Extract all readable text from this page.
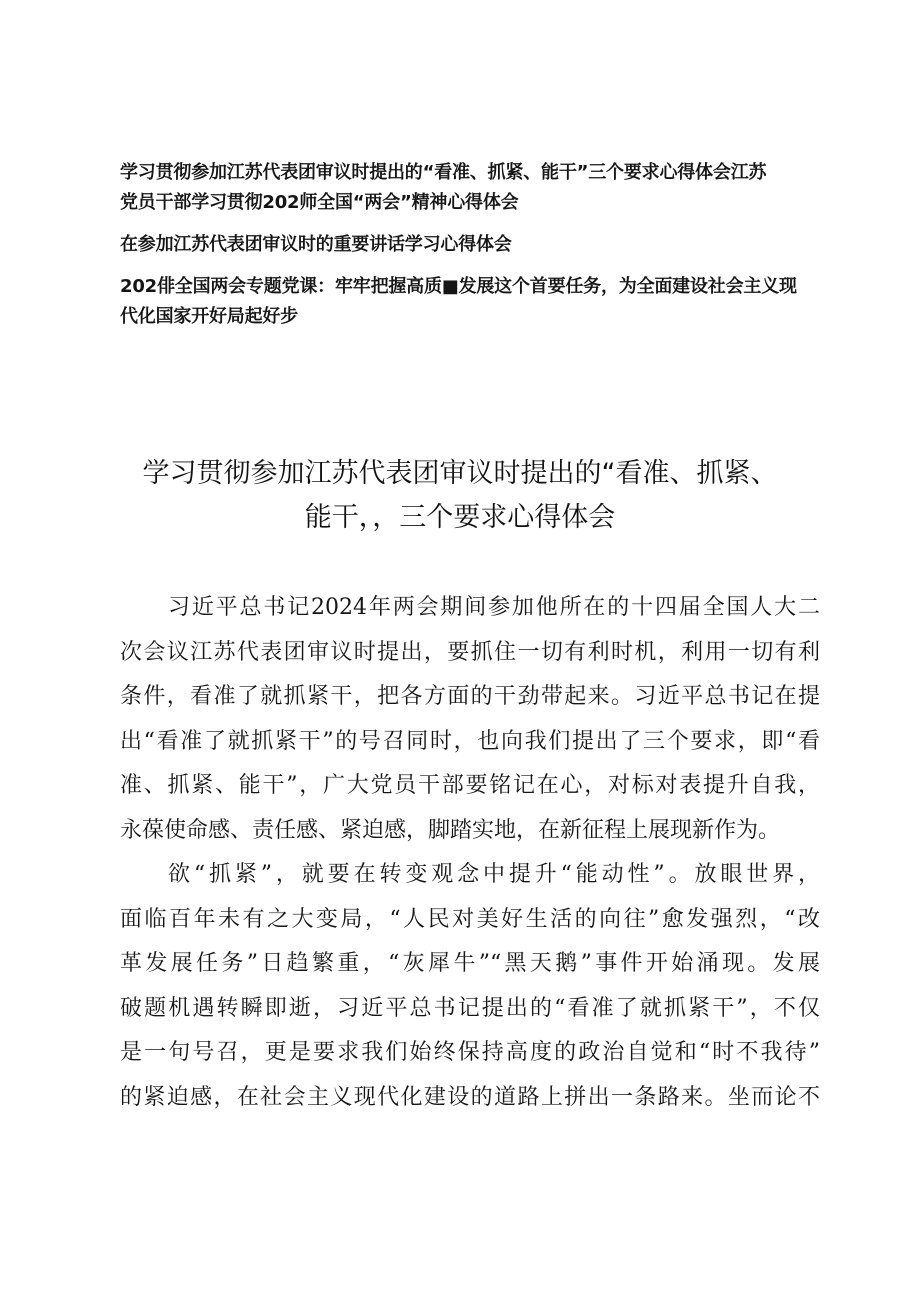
学习贯彻参加江苏代表团审议时提出的“看准、抓紧、能干”三个要求心得体会江苏
党员干部学习贯彻202师全国“两会”精神心得体会
在参加江苏代表团审议时的重要讲话学习心得体会
202俳全国两会专题党课：牢牢把握高质■发展这个首要任务，为全面建设社会主义现
代化国家开好局起好步
学习贯彻参加江苏代表团审议时提出的“看准、抓紧、
能干，，三个要求心得体会
习近平总书记2024年两会期间参加他所在的十四届全国人大二
次会议江苏代表团审议时提出，要抓住一切有利时机，利用一切有利
条件，看准了就抓紧干，把各方面的干劲带起来。习近平总书记在提
出“看准了就抓紧干”的号召同时，也向我们提出了三个要求，即“看
准、抓紧、能干”，广大党员干部要铭记在心，对标对表提升自我，
永葆使命感、责任感、紧迫感，脚踏实地，在新征程上展现新作为。
欲“抓紧”，就要在转变观念中提升“能动性”。放眼世界，
面临百年未有之大变局，“人民对美好生活的向往”愈发强烈，“改
革发展任务”日趋繁重，“灰犀牛”“黑天鹅”事件开始涌现。发展
破题机遇转瞬即逝，习近平总书记提出的“看准了就抓紧干”，不仅
是一句号召，更是要求我们始终保持高度的政治自觉和“时不我待”
的紧迫感，在社会主义现代化建设的道路上拼出一条路来。坐而论不
